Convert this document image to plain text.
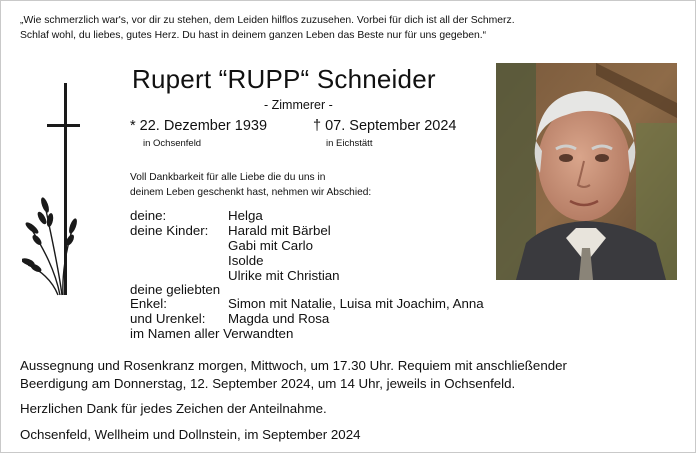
„Wie schmerzlich war's, vor dir zu stehen, dem Leiden hilflos zuzusehen. Vorbei für dich ist all der Schmerz.
Schlaf wohl, du liebes, gutes Herz. Du hast in deinem ganzen Leben das Beste nur für uns gegeben.“
Rupert “RUPP“ Schneider
- Zimmerer -
* 22. Dezember 1939
in Ochsenfeld
† 07. September 2024
in Eichstätt
Voll Dankbarkeit für alle Liebe die du uns in
deinem Leben geschenkt hast, nehmen wir Abschied:
deine:	Helga
deine Kinder: Harald mit Bärbel
Gabi mit Carlo
Isolde
Ulrike mit Christian
deine geliebten
Enkel:	Simon mit Natalie, Luisa mit Joachim, Anna
und Urenkel: Magda und Rosa
im Namen aller Verwandten
Aussegnung und Rosenkranz morgen, Mittwoch, um 17.30 Uhr. Requiem mit anschließender
Beerdigung am Donnerstag, 12. September 2024, um 14 Uhr, jeweils in Ochsenfeld.
Herzlichen Dank für jedes Zeichen der Anteilnahme.
Ochsenfeld, Wellheim und Dollnstein, im September 2024
